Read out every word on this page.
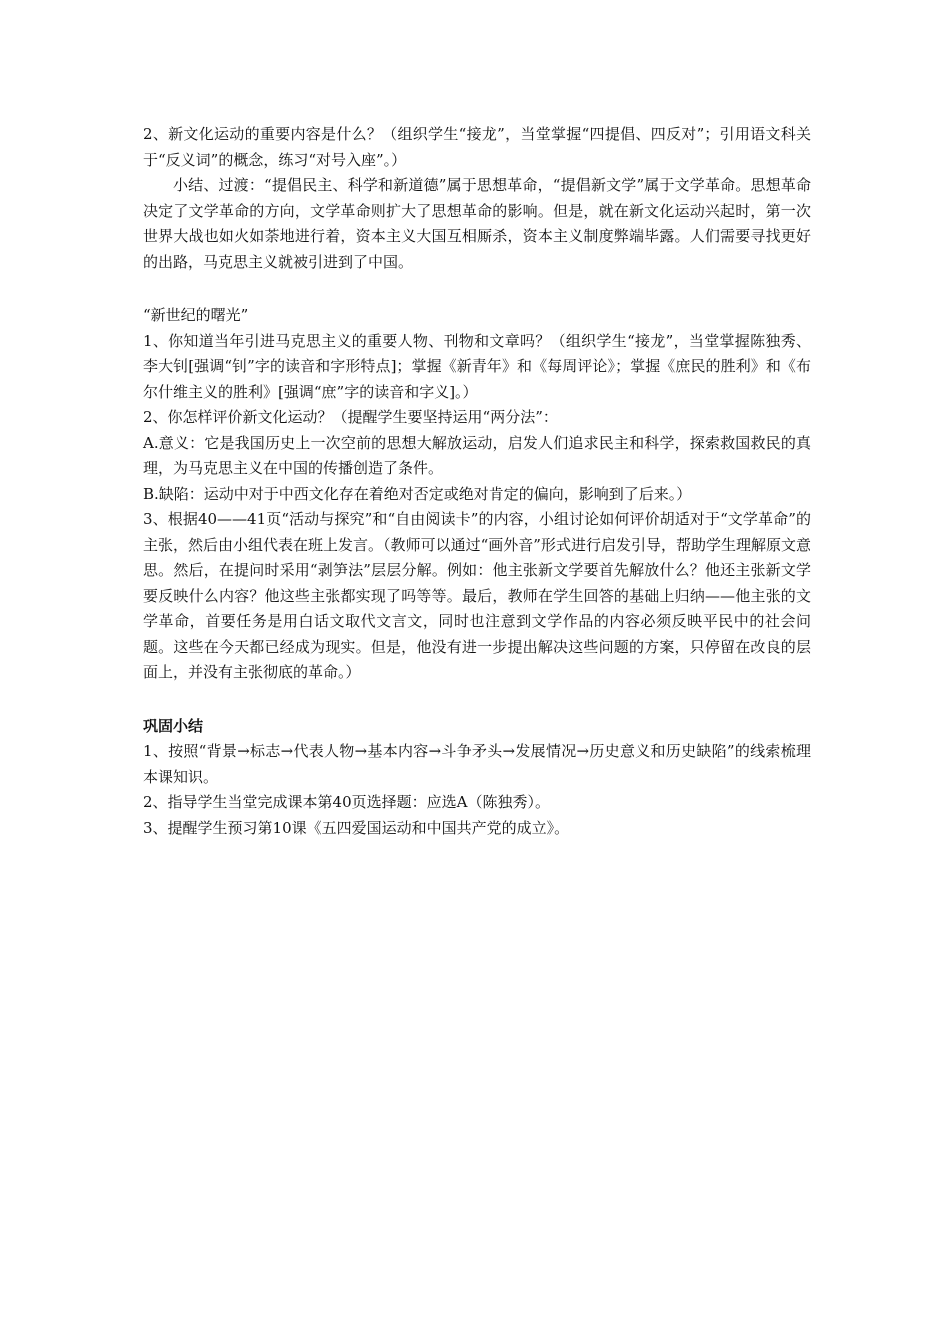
2、新文化运动的重要内容是什么？（组织学生“接龙”，当堂掌握“四提倡、四反对”；引用语文科关于“反义词”的概念，练习“对号入座”。）

小结、过渡：“提倡民主、科学和新道德”属于思想革命，“提倡新文学”属于文学革命。思想革命决定了文学革命的方向，文学革命则扩大了思想革命的影响。但是，就在新文化运动兴起时，第一次世界大战也如火如荼地进行着，资本主义大国互相厮杀，资本主义制度弊端毕露。人们需要寻找更好的出路，马克思主义就被引进到了中国。

“新世纪的曙光”

1、你知道当年引进马克思主义的重要人物、刊物和文章吗？（组织学生“接龙”，当堂掌握陈独秀、李大钊[强调“钊”字的读音和字形特点]；掌握《新青年》和《每周评论》；掌握《庶民的胜利》和《布尔什维主义的胜利》[强调“庶”字的读音和字义]。）

2、你怎样评价新文化运动？（提醒学生要坚持运用“两分法”：

A.意义：它是我国历史上一次空前的思想大解放运动，启发人们追求民主和科学，探索救国救民的真理，为马克思主义在中国的传播创造了条件。

B.缺陷：运动中对于中西文化存在着绝对否定或绝对肯定的偏向，影响到了后来。）

3、根据40——41页“活动与探究”和“自由阅读卡”的内容，小组讨论如何评价胡适对于“文学革命”的主张，然后由小组代表在班上发言。（教师可以通过“画外音”形式进行启发引导，帮助学生理解原文意思。然后，在提问时采用“剥笋法”层层分解。例如：他主张新文学要首先解放什么？他还主张新文学要反映什么内容？他这些主张都实现了吗等等。最后，教师在学生回答的基础上归纳——他主张的文学革命，首要任务是用白话文取代文言文，同时也注意到文学作品的内容必须反映平民中的社会问题。这些在今天都已经成为现实。但是，他没有进一步提出解决这些问题的方案，只停留在改良的层面上，并没有主张彻底的革命。）

巩固小结

1、按照“背景→标志→代表人物→基本内容→斗争矛头→发展情况→历史意义和历史缺陷”的线索梳理本课知识。

2、指导学生当堂完成课本第40页选择题：应选A（陈独秀）。

3、提醒学生预习第10课《五四爱国运动和中国共产党的成立》。
